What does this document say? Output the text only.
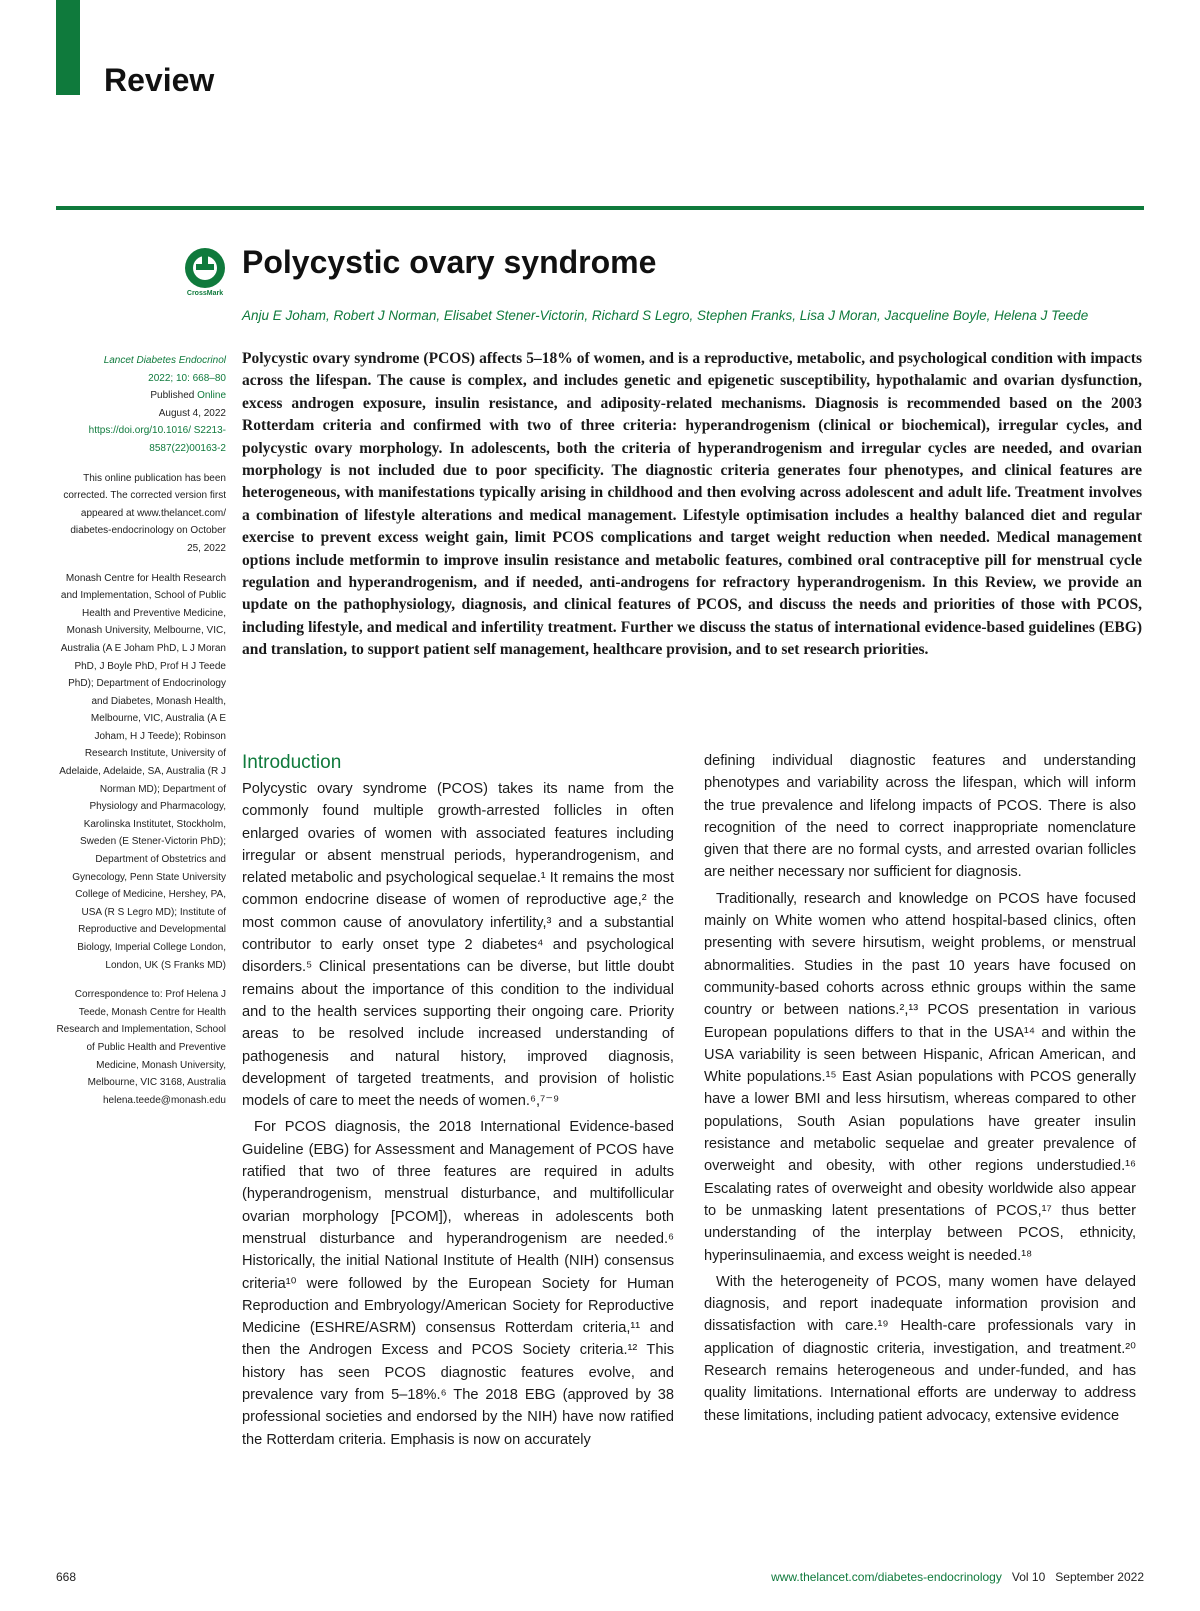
Review
CrossMark
Polycystic ovary syndrome
Anju E Joham, Robert J Norman, Elisabet Stener-Victorin, Richard S Legro, Stephen Franks, Lisa J Moran, Jacqueline Boyle, Helena J Teede

Lancet Diabetes Endocrinol
2022; 10: 668–80
Published Online
August 4, 2022
https://doi.org/10.1016/ S2213-8587(22)00163-2

This online publication has been corrected. The corrected version first appeared at www.thelancet.com/ diabetes-endocrinology on October 25, 2022

Monash Centre for Health Research and Implementation, School of Public Health and Preventive Medicine, Monash University, Melbourne, VIC, Australia (A E Joham PhD, L J Moran PhD, J Boyle PhD, Prof H J Teede PhD); Department of Endocrinology and Diabetes, Monash Health, Melbourne, VIC, Australia (A E Joham, H J Teede); Robinson Research Institute, University of Adelaide, Adelaide, SA, Australia (R J Norman MD); Department of Physiology and Pharmacology, Karolinska Institutet, Stockholm, Sweden (E Stener-Victorin PhD); Department of Obstetrics and Gynecology, Penn State University College of Medicine, Hershey, PA, USA (R S Legro MD); Institute of Reproductive and Developmental Biology, Imperial College London, London, UK (S Franks MD)

Correspondence to: Prof Helena J Teede, Monash Centre for Health Research and Implementation, School of Public Health and Preventive Medicine, Monash University, Melbourne, VIC 3168, Australia helena.teede@monash.edu

Polycystic ovary syndrome (PCOS) affects 5–18% of women, and is a reproductive, metabolic, and psychological condition with impacts across the lifespan. The cause is complex, and includes genetic and epigenetic susceptibility, hypothalamic and ovarian dysfunction, excess androgen exposure, insulin resistance, and adiposity-related mechanisms. Diagnosis is recommended based on the 2003 Rotterdam criteria and confirmed with two of three criteria: hyperandrogenism (clinical or biochemical), irregular cycles, and polycystic ovary morphology. In adolescents, both the criteria of hyperandrogenism and irregular cycles are needed, and ovarian morphology is not included due to poor specificity. The diagnostic criteria generates four phenotypes, and clinical features are heterogeneous, with manifestations typically arising in childhood and then evolving across adolescent and adult life. Treatment involves a combination of lifestyle alterations and medical management. Lifestyle optimisation includes a healthy balanced diet and regular exercise to prevent excess weight gain, limit PCOS complications and target weight reduction when needed. Medical management options include metformin to improve insulin resistance and metabolic features, combined oral contraceptive pill for menstrual cycle regulation and hyperandrogenism, and if needed, anti-androgens for refractory hyperandrogenism. In this Review, we provide an update on the pathophysiology, diagnosis, and clinical features of PCOS, and discuss the needs and priorities of those with PCOS, including lifestyle, and medical and infertility treatment. Further we discuss the status of international evidence-based guidelines (EBG) and translation, to support patient self management, healthcare provision, and to set research priorities.

Introduction

Polycystic ovary syndrome (PCOS) takes its name from the commonly found multiple growth-arrested follicles in often enlarged ovaries of women with associated features including irregular or absent menstrual periods, hyperandrogenism, and related metabolic and psychological sequelae.¹ It remains the most common endocrine disease of women of reproductive age,² the most common cause of anovulatory infertility,³ and a substantial contributor to early onset type 2 diabetes⁴ and psychological disorders.⁵ Clinical presentations can be diverse, but little doubt remains about the importance of this condition to the individual and to the health services supporting their ongoing care. Priority areas to be resolved include increased understanding of pathogenesis and natural history, improved diagnosis, development of targeted treatments, and provision of holistic models of care to meet the needs of women.⁶,⁷⁻⁹

For PCOS diagnosis, the 2018 International Evidence-based Guideline (EBG) for Assessment and Management of PCOS have ratified that two of three features are required in adults (hyperandrogenism, menstrual disturbance, and multifollicular ovarian morphology [PCOM]), whereas in adolescents both menstrual disturbance and hyperandrogenism are needed.⁶ Historically, the initial National Institute of Health (NIH) consensus criteria¹⁰ were followed by the European Society for Human Reproduction and Embryology/American Society for Reproductive Medicine (ESHRE/ASRM) consensus Rotterdam criteria,¹¹ and then the Androgen Excess and PCOS Society criteria.¹² This history has seen PCOS diagnostic features evolve, and prevalence vary from 5–18%.⁶ The 2018 EBG (approved by 38 professional societies and endorsed by the NIH) have now ratified the Rotterdam criteria. Emphasis is now on accurately

defining individual diagnostic features and understanding phenotypes and variability across the lifespan, which will inform the true prevalence and lifelong impacts of PCOS. There is also recognition of the need to correct inappropriate nomenclature given that there are no formal cysts, and arrested ovarian follicles are neither necessary nor sufficient for diagnosis.

Traditionally, research and knowledge on PCOS have focused mainly on White women who attend hospital-based clinics, often presenting with severe hirsutism, weight problems, or menstrual abnormalities. Studies in the past 10 years have focused on community-based cohorts across ethnic groups within the same country or between nations.²,¹³ PCOS presentation in various European populations differs to that in the USA¹⁴ and within the USA variability is seen between Hispanic, African American, and White populations.¹⁵ East Asian populations with PCOS generally have a lower BMI and less hirsutism, whereas compared to other populations, South Asian populations have greater insulin resistance and metabolic sequelae and greater prevalence of overweight and obesity, with other regions understudied.¹⁶ Escalating rates of overweight and obesity worldwide also appear to be unmasking latent presentations of PCOS,¹⁷ thus better understanding of the interplay between PCOS, ethnicity, hyperinsulinaemia, and excess weight is needed.¹⁸

With the heterogeneity of PCOS, many women have delayed diagnosis, and report inadequate information provision and dissatisfaction with care.¹⁹ Health-care professionals vary in application of diagnostic criteria, investigation, and treatment.²⁰ Research remains heterogeneous and under-funded, and has quality limitations. International efforts are underway to address these limitations, including patient advocacy, extensive evidence

668	www.thelancet.com/diabetes-endocrinology Vol 10 September 2022
